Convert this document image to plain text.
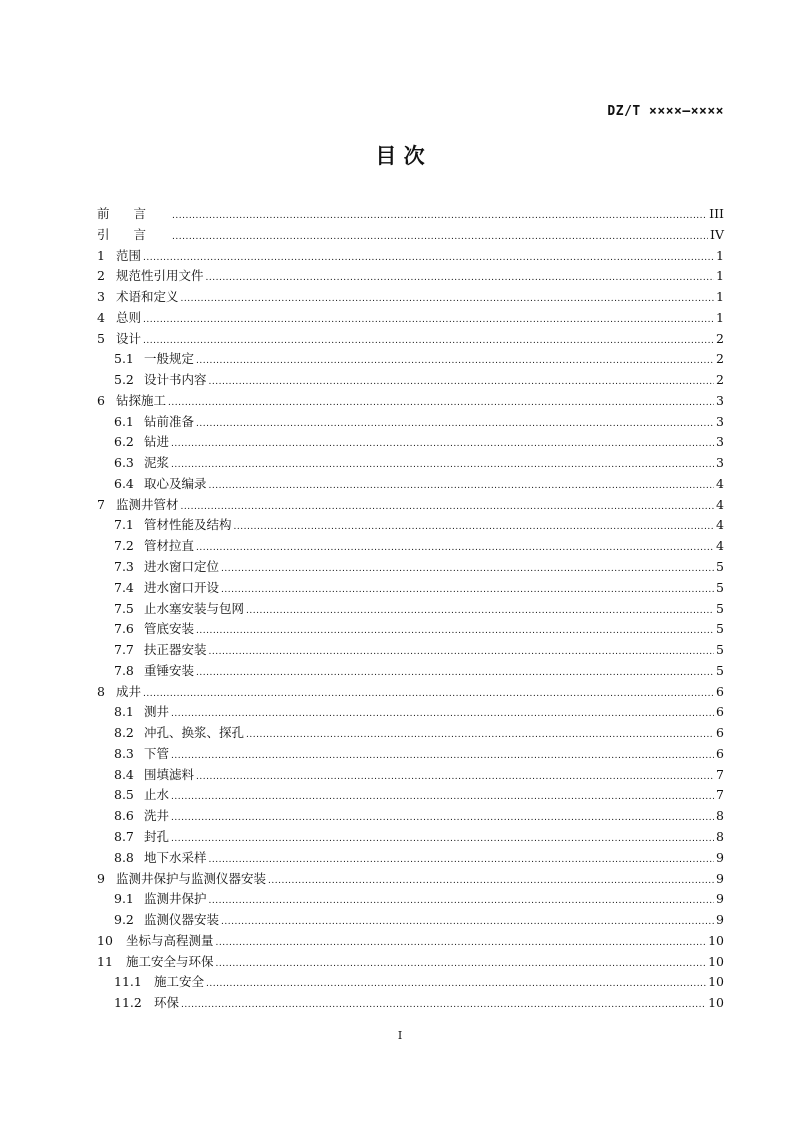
DZ/T ××××—××××
目 次
前言 .....	III
引言 .....	IV
1 范围 .....	1
2 规范性引用文件 .....	1
3 术语和定义 .....	1
4 总则 .....	1
5 设计 .....	2
5.1 一般规定 .....	2
5.2 设计书内容 .....	2
6 钻探施工 .....	3
6.1 钻前准备 .....	3
6.2 钻进 .....	3
6.3 泥浆 .....	3
6.4 取心及编录 .....	4
7 监测井管材 .....	4
7.1 管材性能及结构 .....	4
7.2 管材拉直 .....	4
7.3 进水窗口定位 .....	5
7.4 进水窗口开设 .....	5
7.5 止水塞安装与包网 .....	5
7.6 管底安装 .....	5
7.7 扶正器安装 .....	5
7.8 重锤安装 .....	5
8 成井 .....	6
8.1 测井 .....	6
8.2 冲孔、换浆、探孔 .....	6
8.3 下管 .....	6
8.4 围填滤料 .....	7
8.5 止水 .....	7
8.6 洗井 .....	8
8.7 封孔 .....	8
8.8 地下水采样 .....	9
9 监测井保护与监测仪器安装 .....	9
9.1 监测井保护 .....	9
9.2 监测仪器安装 .....	9
10	坐标与高程测量 .....	10
11	施工安全与环保 .....	10
11.1 施工安全 .....	10
11.2 环保 .....	10
I
